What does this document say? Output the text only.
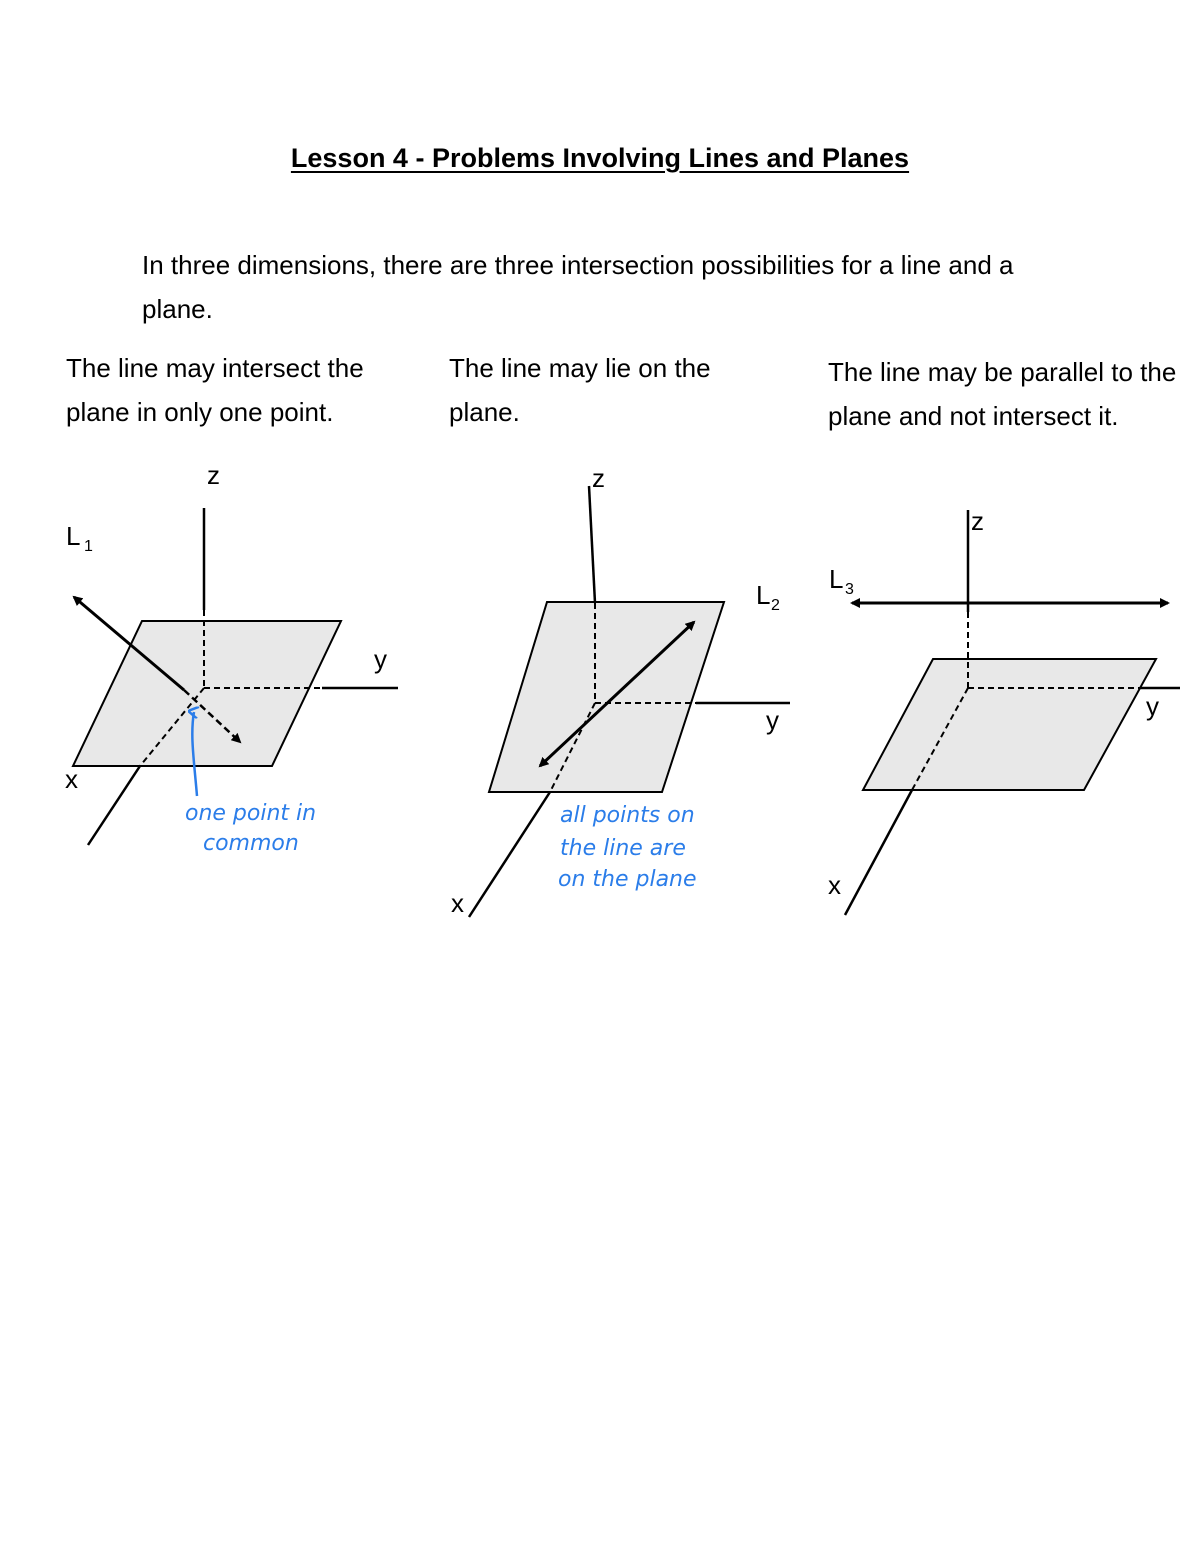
Lesson 4 - Problems Involving Lines and Planes
In three dimensions, there are three intersection possibilities for a line and a plane.
The line may intersect the plane in only one point.
The line may lie on the plane.
The line may be parallel to the plane and not intersect it.
z
y
x
L 1
one point in
common
z
y
x
L 2
all points on
the line are
on the plane
z
y
x
L 3
